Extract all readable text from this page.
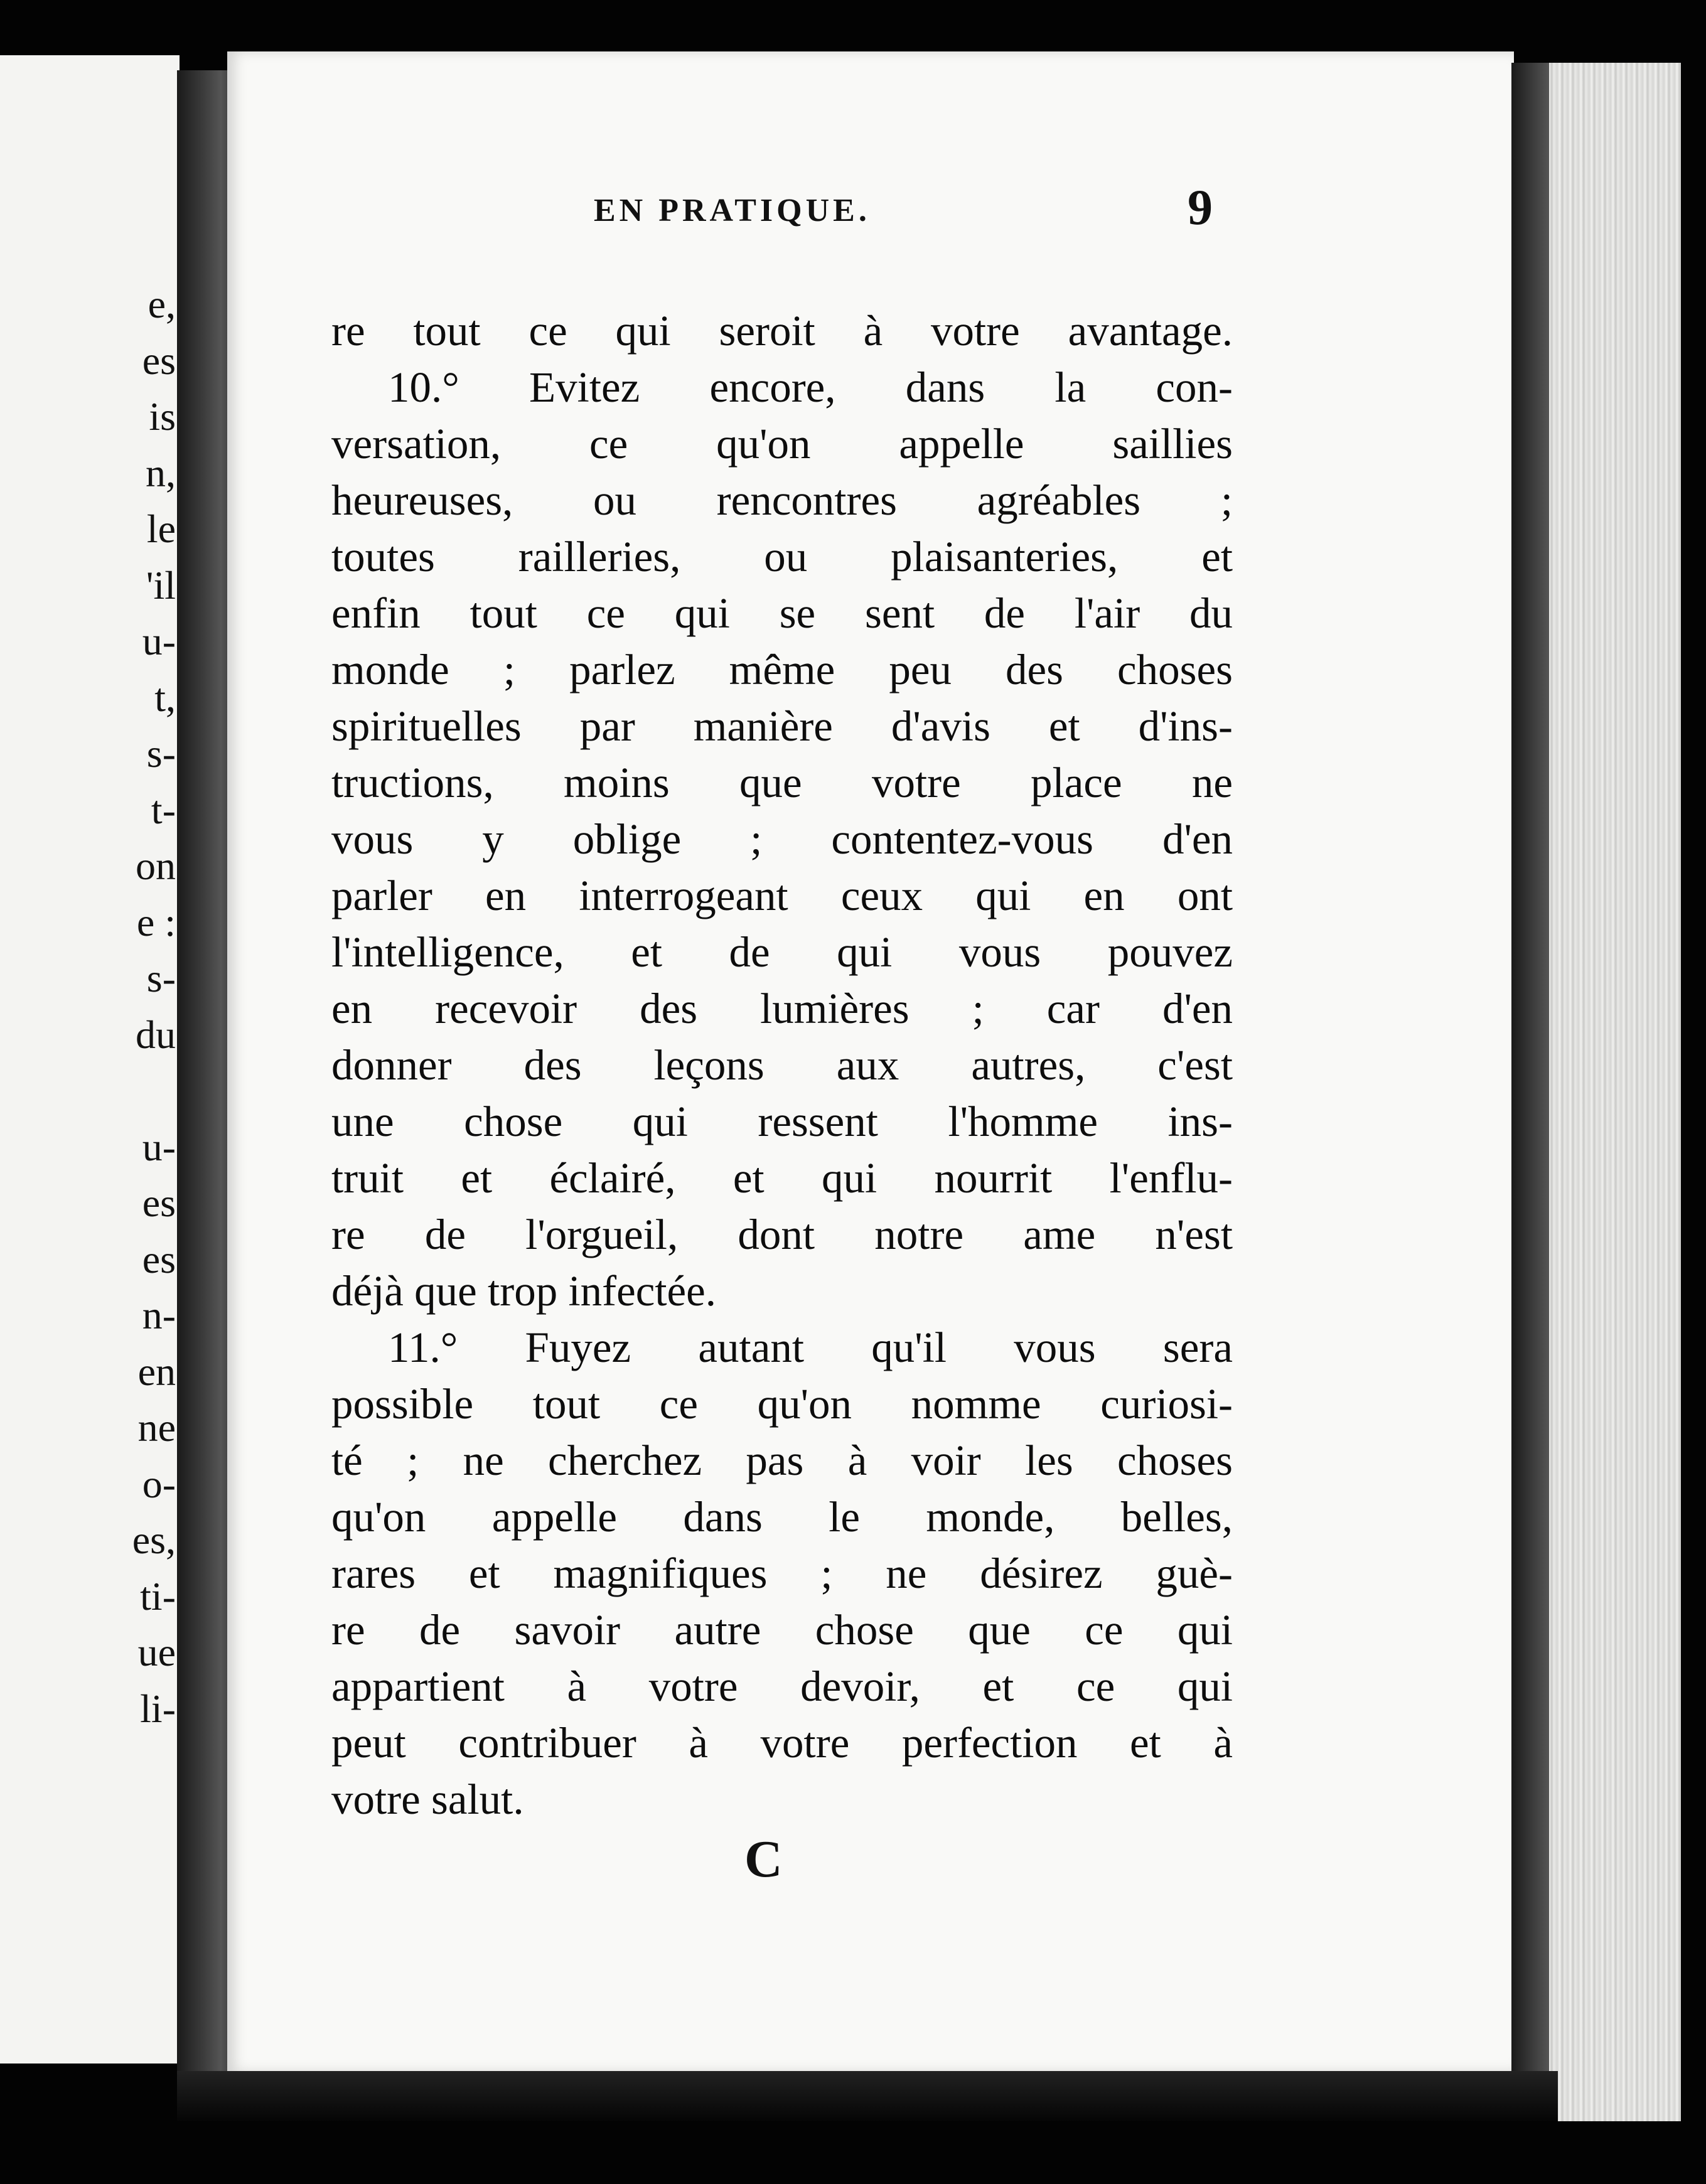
e,
es
is
n,
le
'il
u-
t,
s-
t-
on
e :
s-
du
u-
es
es
n-
en
ne
o-
es,
ti-
ue
li-
EN PRATIQUE.	9
re tout ce qui seroit à votre avantage.
10.° Evitez encore, dans la con-
versation, ce qu'on appelle saillies
heureuses, ou rencontres agréables ;
toutes railleries, ou plaisanteries, et
enfin tout ce qui se sent de l'air du
monde ; parlez même peu des choses
spirituelles par manière d'avis et d'ins-
tructions, moins que votre place ne
vous y oblige ; contentez-vous d'en
parler en interrogeant ceux qui en ont
l'intelligence, et de qui vous pouvez
en recevoir des lumières ; car d'en
donner des leçons aux autres, c'est
une chose qui ressent l'homme ins-
truit et éclairé, et qui nourrit l'enflu-
re de l'orgueil, dont notre ame n'est
déjà que trop infectée.
11.° Fuyez autant qu'il vous sera
possible tout ce qu'on nomme curiosi-
té ; ne cherchez pas à voir les choses
qu'on appelle dans le monde, belles,
rares et magnifiques ; ne désirez guè-
re de savoir autre chose que ce qui
appartient à votre devoir, et ce qui
peut contribuer à votre perfection et à
votre salut.
C
